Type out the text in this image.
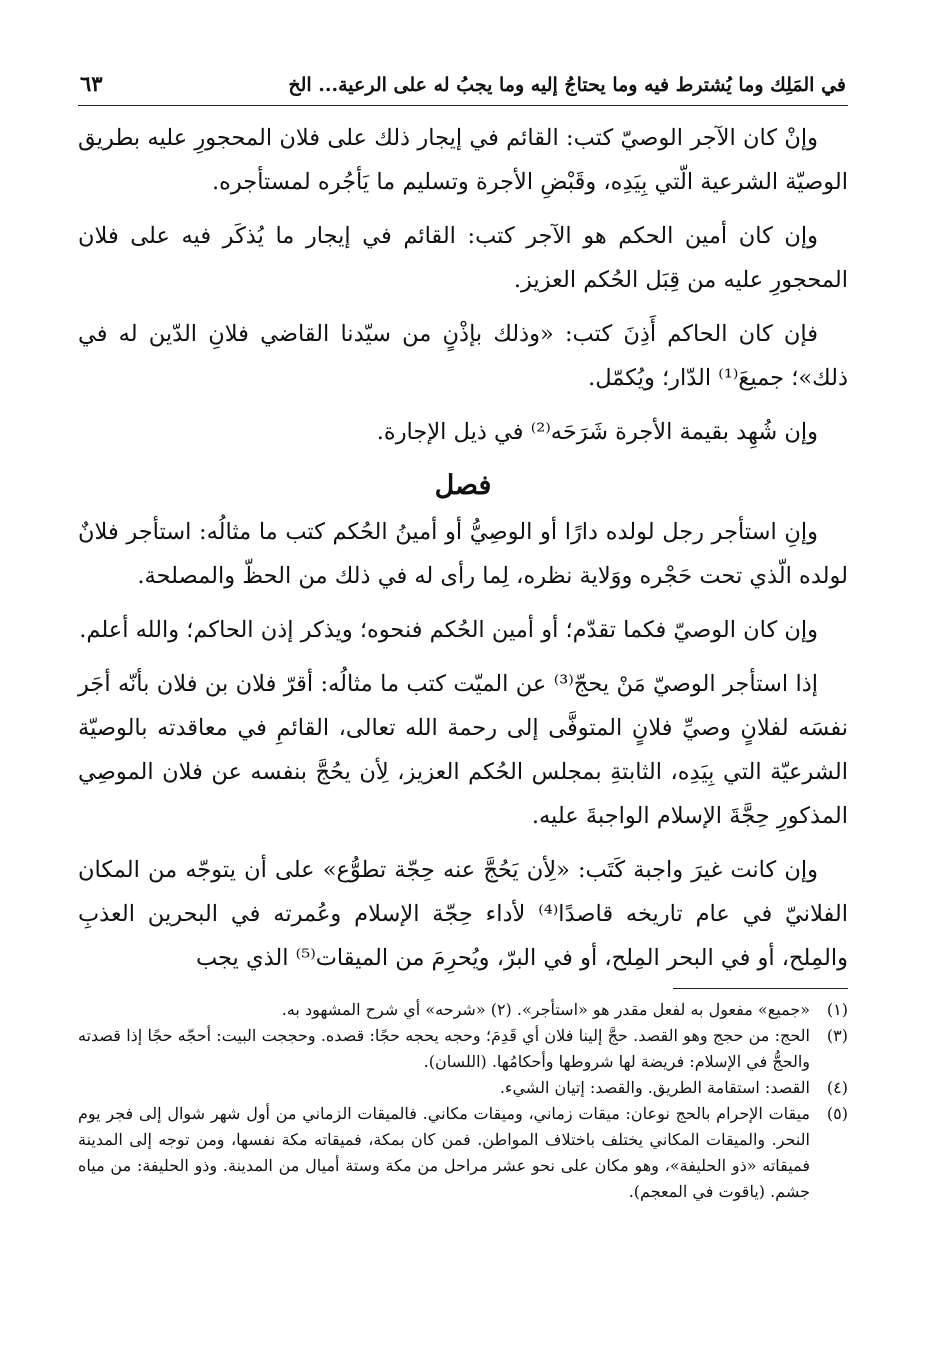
في المَلِك وما يُشترط فيه وما يحتاجُ إليه وما يجبُ له على الرعية... الخ
٦٣

وإنْ كان الآجر الوصيّ كتب: القائم في إيجار ذلك على فلان المحجورِ عليه بطريق الوصيّة الشرعية الّتي بِيَدِه، وقَبْضِ الأجرة وتسليم ما يَأجُره لمستأجره.

وإن كان أمين الحكم هو الآجر كتب: القائم في إيجار ما يُذكَر فيه على فلان المحجورِ عليه من قِبَل الحُكم العزيز.

فإن كان الحاكم أَذِنَ كتب: «وذلك بإذْنٍ من سيّدنا القاضي فلانِ الدّين له في ذلك»؛ جميعَ⁽¹⁾ الدّار؛ ويُكمّل.

وإن شُهِد بقيمة الأجرة شَرَحَه⁽²⁾ في ذيل الإجارة.

فصل

وإنِ استأجر رجل لولده دارًا أو الوصِيُّ أو أمينُ الحُكم كتب ما مثالُه: استأجر فلانٌ لولده الّذي تحت حَجْره ووَلاية نظره، لِما رأى له في ذلك من الحظّ والمصلحة.

وإن كان الوصيّ فكما تقدّم؛ أو أمين الحُكم فنحوه؛ ويذكر إذن الحاكم؛ والله أعلم.

إذا استأجر الوصيّ مَنْ يحجّ⁽³⁾ عن الميّت كتب ما مثالُه: أقرّ فلان بن فلان بأنّه أجَر نفسَه لفلانٍ وصيِّ فلانٍ المتوفَّى إلى رحمة الله تعالى، القائمِ في معاقدته بالوصيّة الشرعيّة التي بِيَدِه، الثابتةِ بمجلس الحُكم العزيز، لِأن يحُجَّ بنفسه عن فلان الموصِي المذكورِ حِجَّةَ الإسلام الواجبةَ عليه.

وإن كانت غيرَ واجبة كَتَب: «لِأن يَحُجَّ عنه حِجّة تطوُّع» على أن يتوجّه من المكان الفلانيّ في عام تاريخه قاصدًا⁽⁴⁾ لأداء حِجّة الإسلام وعُمرته في البحرين العذبِ والمِلح، أو في البحر المِلح، أو في البرّ، ويُحرِمَ من الميقات⁽⁵⁾ الذي يجب

(١)
«جميع» مفعول به لفعل مقدر هو «استأجر». (٢) «شرحه» أي شرح المشهود به.
(٣)
الحج: من حجج وهو القصد. حجَّ إلينا فلان أي قَدِمَ؛ وحجه يحجه حجًا: قصده. وحججت البيت: أحجّه حجًا إذا قصدته والحجُّ في الإسلام: فريضة لها شروطها وأحكامُها. (اللسان).
(٤)
القصد: استقامة الطريق. والقصد: إتيان الشيء.
(٥)
ميقات الإحرام بالحج نوعان: ميقات زماني، وميقات مكاني. فالميقات الزماني من أول شهر شوال إلى فجر يوم النحر. والميقات المكاني يختلف باختلاف المواطن. فمن كان بمكة، فميقاته مكة نفسها، ومن توجه إلى المدينة فميقاته «ذو الحليفة»، وهو مكان على نحو عشر مراحل من مكة وستة أميال من المدينة. وذو الحليفة: من مياه جشم. (ياقوت في المعجم).
